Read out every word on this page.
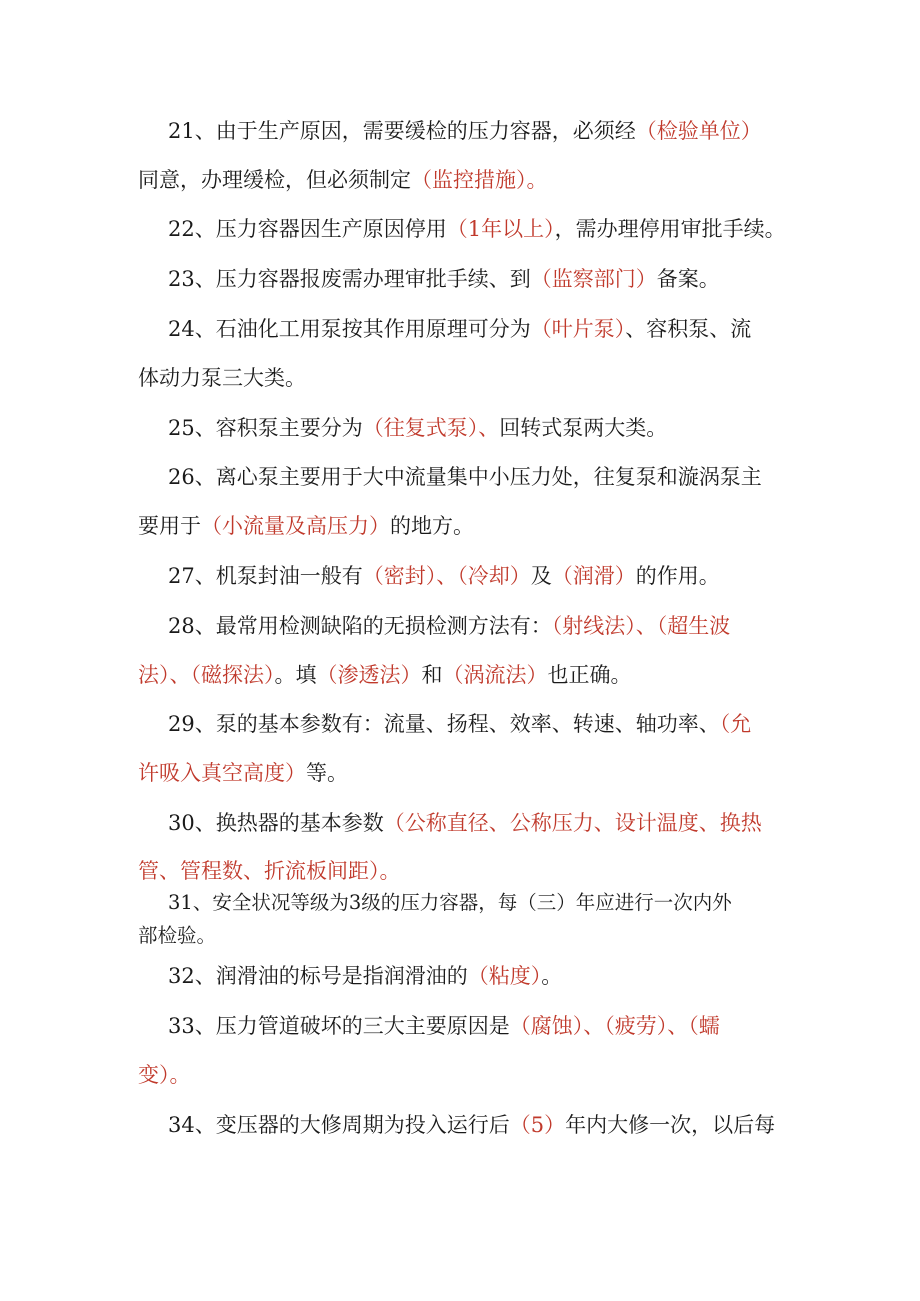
21、由于生产原因，需要缓检的压力容器，必须经（检验单位）
同意，办理缓检，但必须制定（监控措施）。
22、压力容器因生产原因停用（1年以上），需办理停用审批手续。
23、压力容器报废需办理审批手续、到（监察部门）备案。
24、石油化工用泵按其作用原理可分为（叶片泵）、容积泵、流
体动力泵三大类。
25、容积泵主要分为（往复式泵）、回转式泵两大类。
26、离心泵主要用于大中流量集中小压力处，往复泵和漩涡泵主
要用于（小流量及高压力）的地方。
27、机泵封油一般有（密封）、（冷却）及（润滑）的作用。
28、最常用检测缺陷的无损检测方法有：（射线法）、（超生波
法）、（磁探法）。填（渗透法）和（涡流法）也正确。
29、泵的基本参数有：流量、扬程、效率、转速、轴功率、（允
许吸入真空高度）等。
30、换热器的基本参数（公称直径、公称压力、设计温度、换热
管、管程数、折流板间距）。
31、安全状况等级为3级的压力容器，每（三）年应进行一次内外
部检验。
32、润滑油的标号是指润滑油的（粘度）。
33、压力管道破坏的三大主要原因是（腐蚀）、（疲劳）、（蠕
变）。
34、变压器的大修周期为投入运行后（5）年内大修一次，以后每
